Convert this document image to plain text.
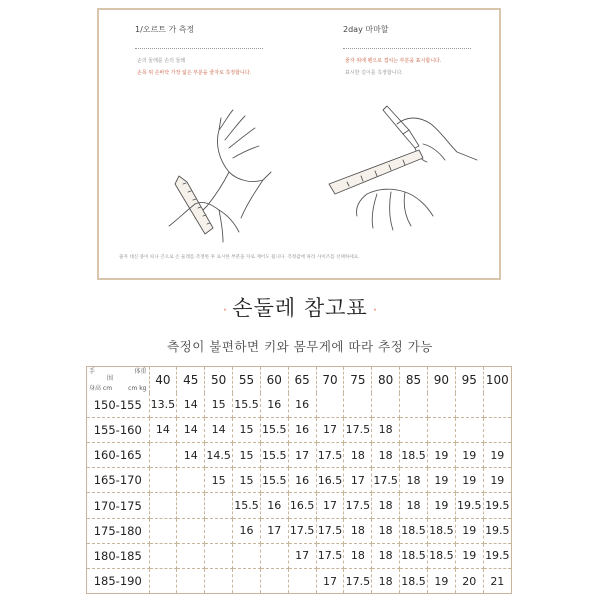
1/오르트 가 측정
손의 둘레를 손의 둘레
손목 위 손바닥 가장 넓은 부분을 줄자로 측정합니다.
2day 마마할
줄자 위에 펜으로 겹치는 부분을 표시합니다.
표시한 길이를 측정합니다.
줄자 대신 종이 띠나 끈으로 손 둘레를 측정한 후 표시한 부분을 자로 재어도 됩니다. 측정값에 따라 사이즈를 선택하세요.
· 손둘레 참고표 ·
측정이 불편하면 키와 몸무게에 따라 추정 가능
手 体重
身高 cm cm kg
围	40	45	50	55	60	65	70	75	80	85	90	95	100
150-155	13.5	14	15	15.5	16	16							
155-160	14	14	14	15	15.5	16	17	17.5	18				
160-165		14	14.5	15	15.5	17	17.5	18	18	18.5	19	19	19
165-170			15	15	15.5	16	16.5	17	17.5	18	19	19	19
170-175				15.5	16	16.5	17	17.5	18	18	19	19.5	19.5
175-180				16	17	17.5	17.5	18	18	18.5	18.5	19	19.5
180-185						17	17.5	18	18	18.5	18.5	19	19.5
185-190							17	17.5	18	18.5	19	20	21
